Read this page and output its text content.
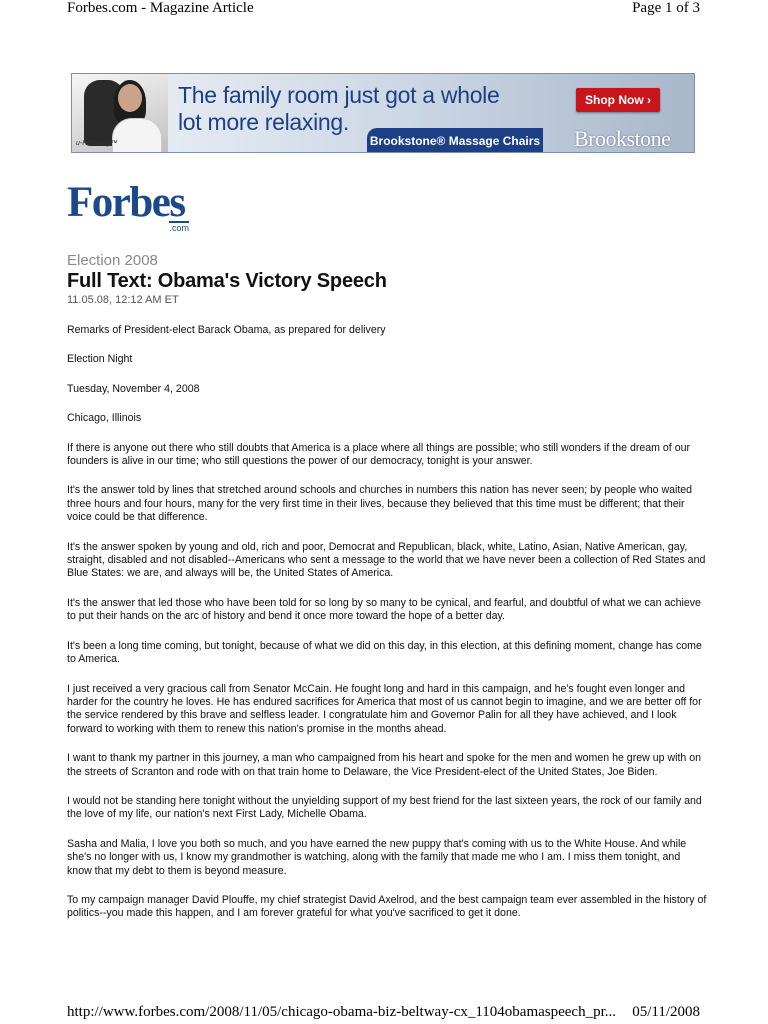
Forbes.com - Magazine Article	Page 1 of 3
u-Harmony™
The family room just got a whole
lot more relaxing.
Shop Now ›
Brookstone® Massage Chairs Brookstone
Forbes
.com
Election 2008
Full Text: Obama's Victory Speech
11.05.08, 12:12 AM ET

Remarks of President-elect Barack Obama, as prepared for delivery

Election Night

Tuesday, November 4, 2008

Chicago, Illinois

If there is anyone out there who still doubts that America is a place where all things are possible; who still wonders if the dream of our founders is alive in our time; who still questions the power of our democracy, tonight is your answer.

It's the answer told by lines that stretched around schools and churches in numbers this nation has never seen; by people who waited three hours and four hours, many for the very first time in their lives, because they believed that this time must be different; that their voice could be that difference.

It's the answer spoken by young and old, rich and poor, Democrat and Republican, black, white, Latino, Asian, Native American, gay, straight, disabled and not disabled--Americans who sent a message to the world that we have never been a collection of Red States and Blue States: we are, and always will be, the United States of America.

It's the answer that led those who have been told for so long by so many to be cynical, and fearful, and doubtful of what we can achieve to put their hands on the arc of history and bend it once more toward the hope of a better day.

It's been a long time coming, but tonight, because of what we did on this day, in this election, at this defining moment, change has come to America.

I just received a very gracious call from Senator McCain. He fought long and hard in this campaign, and he's fought even longer and harder for the country he loves. He has endured sacrifices for America that most of us cannot begin to imagine, and we are better off for the service rendered by this brave and selfless leader. I congratulate him and Governor Palin for all they have achieved, and I look forward to working with them to renew this nation's promise in the months ahead.

I want to thank my partner in this journey, a man who campaigned from his heart and spoke for the men and women he grew up with on the streets of Scranton and rode with on that train home to Delaware, the Vice President-elect of the United States, Joe Biden.

I would not be standing here tonight without the unyielding support of my best friend for the last sixteen years, the rock of our family and the love of my life, our nation's next First Lady, Michelle Obama.

Sasha and Malia, I love you both so much, and you have earned the new puppy that's coming with us to the White House. And while she's no longer with us, I know my grandmother is watching, along with the family that made me who I am. I miss them tonight, and know that my debt to them is beyond measure.

To my campaign manager David Plouffe, my chief strategist David Axelrod, and the best campaign team ever assembled in the history of politics--you made this happen, and I am forever grateful for what you've sacrificed to get it done.

http://www.forbes.com/2008/11/05/chicago-obama-biz-beltway-cx_1104obamaspeech_pr... 05/11/2008
